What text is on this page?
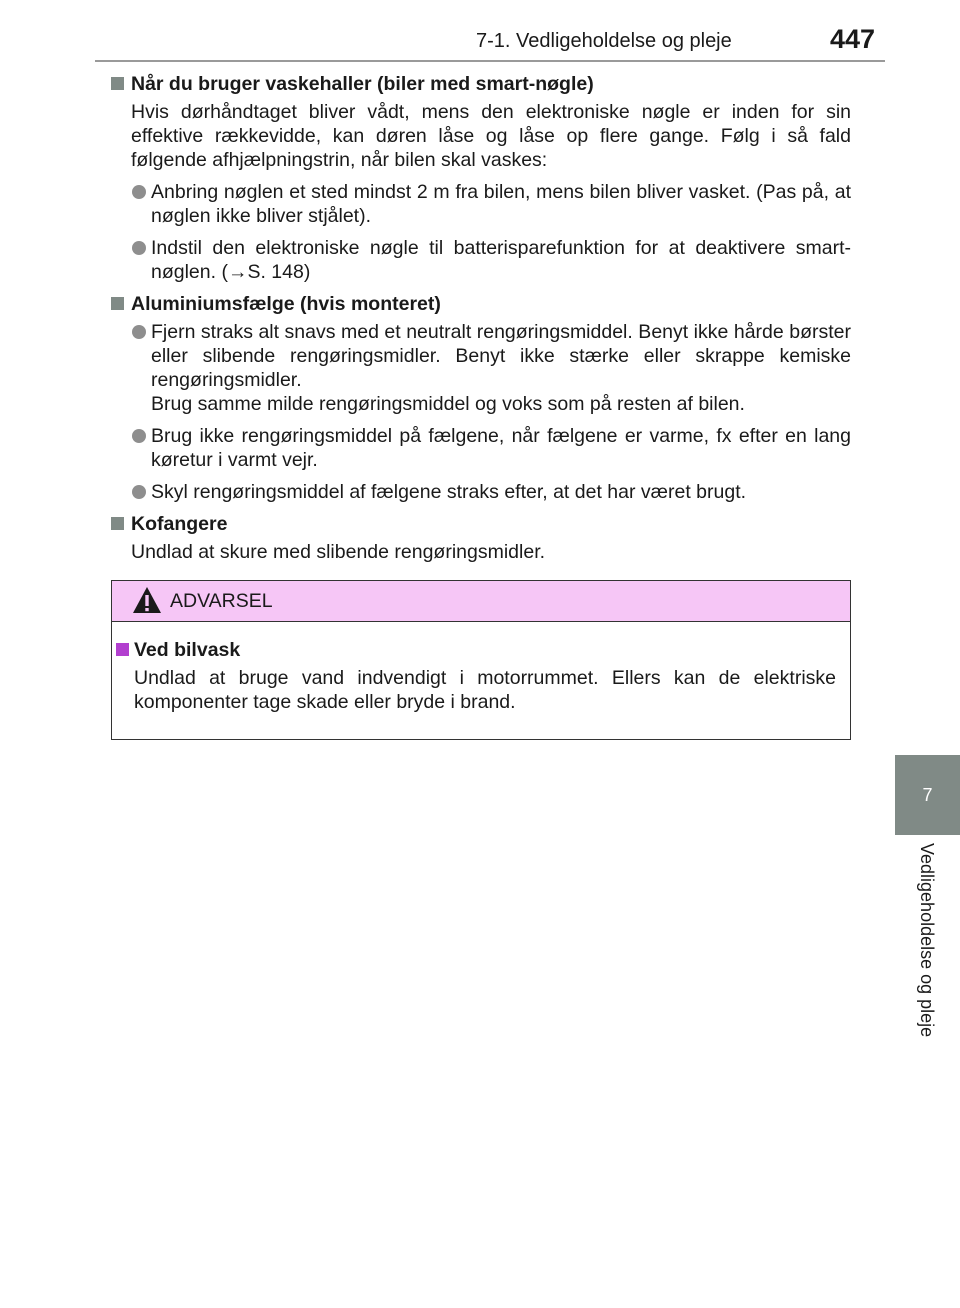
7-1. Vedligeholdelse og pleje	447
7
Vedligeholdelse og pleje
Når du bruger vaskehaller (biler med smart-nøgle)
Hvis dørhåndtaget bliver vådt, mens den elektroniske nøgle er inden for sin effektive rækkevidde, kan døren låse og låse op flere gange. Følg i så fald følgende afhjælpningstrin, når bilen skal vaskes:
Anbring nøglen et sted mindst 2 m fra bilen, mens bilen bliver vasket. (Pas på, at nøglen ikke bliver stjålet).
Indstil den elektroniske nøgle til batterisparefunktion for at deaktivere smart-nøglen. (→S. 148)
Aluminiumsfælge (hvis monteret)
Fjern straks alt snavs med et neutralt rengøringsmiddel. Benyt ikke hårde børster eller slibende rengøringsmidler. Benyt ikke stærke eller skrappe kemiske rengøringsmidler.
Brug samme milde rengøringsmiddel og voks som på resten af bilen.
Brug ikke rengøringsmiddel på fælgene, når fælgene er varme, fx efter en lang køretur i varmt vejr.
Skyl rengøringsmiddel af fælgene straks efter, at det har været brugt.
Kofangere
Undlad at skure med slibende rengøringsmidler.
ADVARSEL
Ved bilvask
Undlad at bruge vand indvendigt i motorrummet. Ellers kan de elektriske komponenter tage skade eller bryde i brand.
